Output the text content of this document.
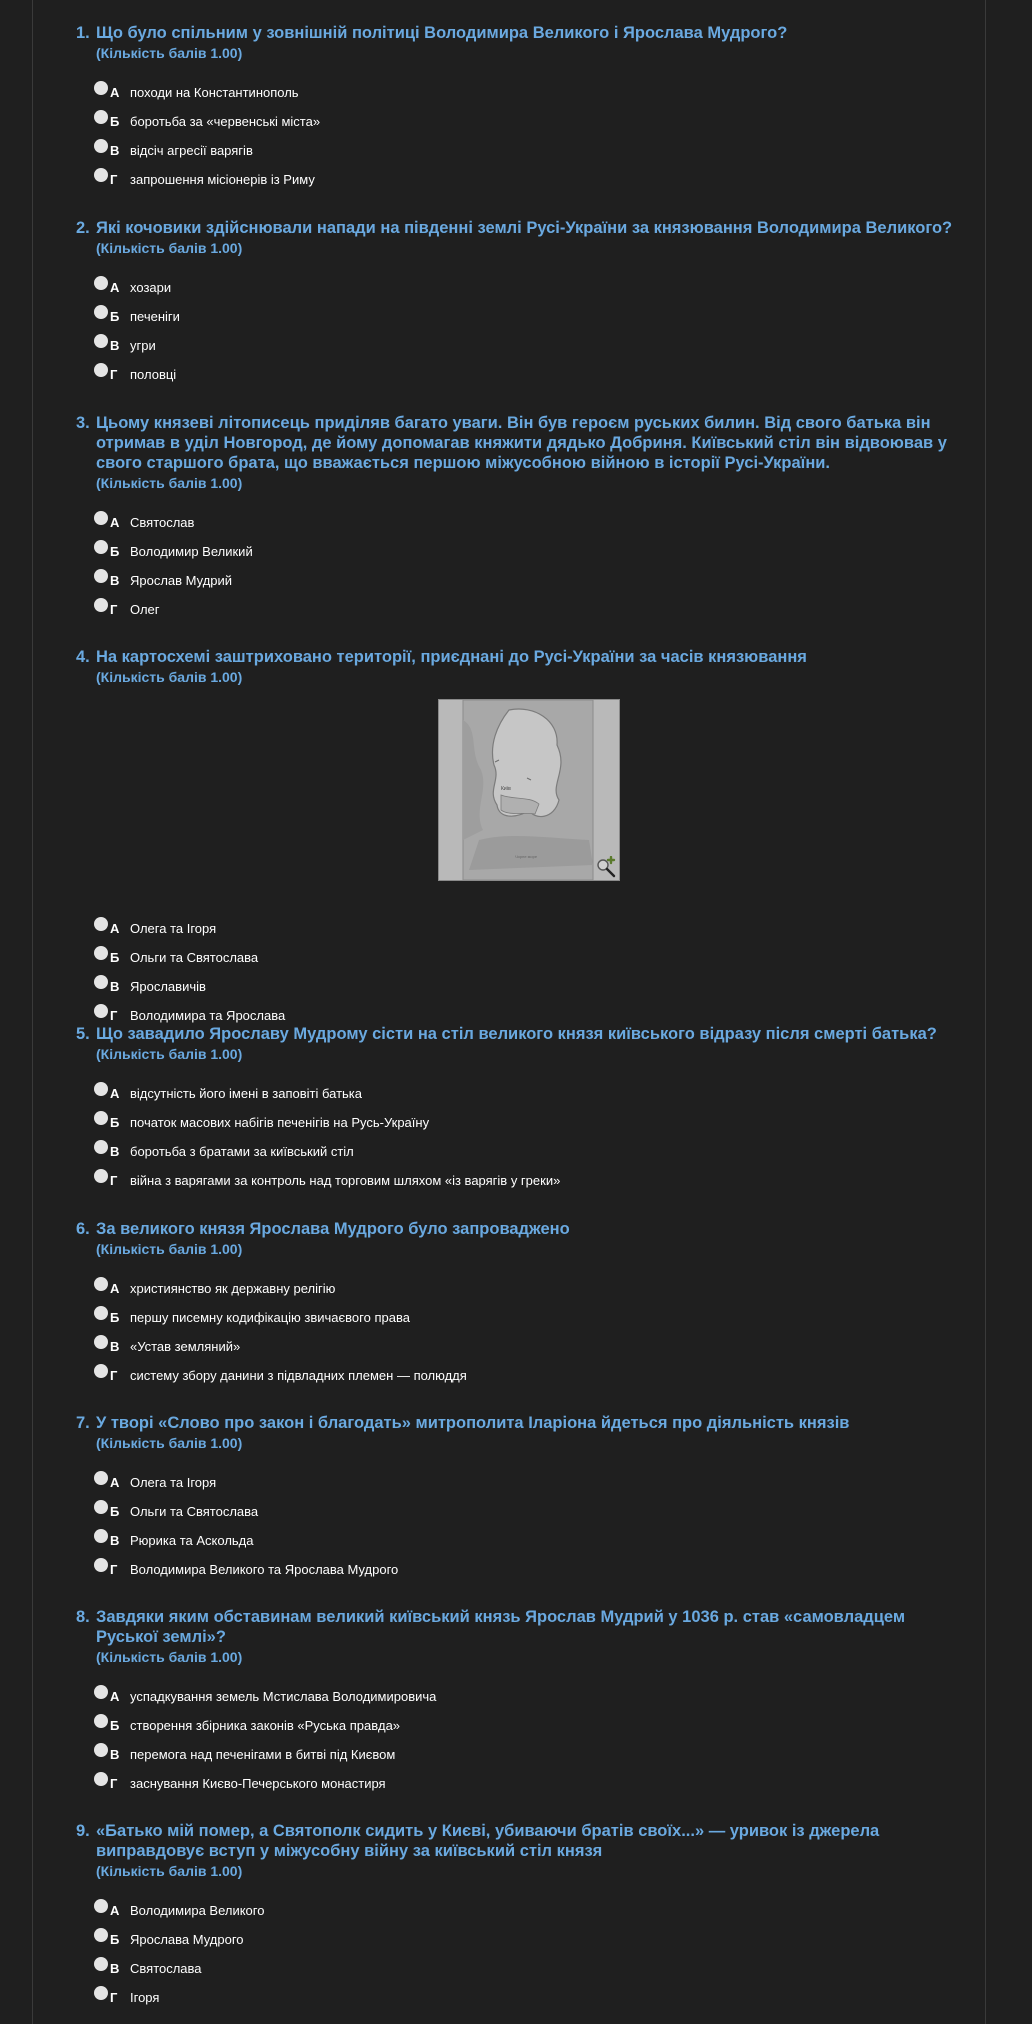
1. Що було спільним у зовнішній політиці Володимира Великого і Ярослава Мудрого?
(Кількість балів 1.00)
А походи на Константинополь
Б боротьба за «червенські міста»
В відсіч агресії варягів
Г запрошення місіонерів із Риму
2. Які кочовики здійснювали напади на південні землі Русі-України за князювання Володимира Великого?
(Кількість балів 1.00)
А хозари
Б печеніги
В угри
Г половці
3. Цьому князеві літописець приділяв багато уваги. Він був героєм руських билин. Від свого батька він отримав в уділ Новгород, де йому допомагав княжити дядько Добриня. Київський стіл він відвоював у свого старшого брата, що вважається першою міжусобною війною в історії Русі-України.
(Кількість балів 1.00)
А Святослав
Б Володимир Великий
В Ярослав Мудрий
Г Олег
4. На картосхемі заштриховано території, приєднані до Русі-України за часів князювання
(Кількість балів 1.00)
А Олега та Ігоря
Б Ольги та Святослава
В Ярославичів
Г Володимира та Ярослава
Київ
Чорне море
5. Що завадило Ярославу Мудрому сісти на стіл великого князя київського відразу після смерті батька?
(Кількість балів 1.00)
А відсутність його імені в заповіті батька
Б початок масових набігів печенігів на Русь-Україну
В боротьба з братами за київський стіл
Г війна з варягами за контроль над торговим шляхом «із варягів у греки»
6. За великого князя Ярослава Мудрого було запроваджено
(Кількість балів 1.00)
А християнство як державну релігію
Б першу писемну кодифікацію звичаєвого права
В «Устав земляний»
Г систему збору данини з підвладних племен — полюддя
7. У творі «Слово про закон і благодать» митрополита Іларіона йдеться про діяльність князів
(Кількість балів 1.00)
А Олега та Ігоря
Б Ольги та Святослава
В Рюрика та Аскольда
Г Володимира Великого та Ярослава Мудрого
8. Завдяки яким обставинам великий київський князь Ярослав Мудрий у 1036 р. став «самовладцем Руської землі»?
(Кількість балів 1.00)
А успадкування земель Мстислава Володимировича
Б створення збірника законів «Руська правда»
В перемога над печенігами в битві під Києвом
Г заснування Києво-Печерського монастиря
9. «Батько мій помер, а Святополк сидить у Києві, убиваючи братів своїх...» — уривок із джерела виправдовує вступ у міжусобну війну за київський стіл князя
(Кількість балів 1.00)
А Володимира Великого
Б Ярослава Мудрого
В Святослава
Г Ігоря
